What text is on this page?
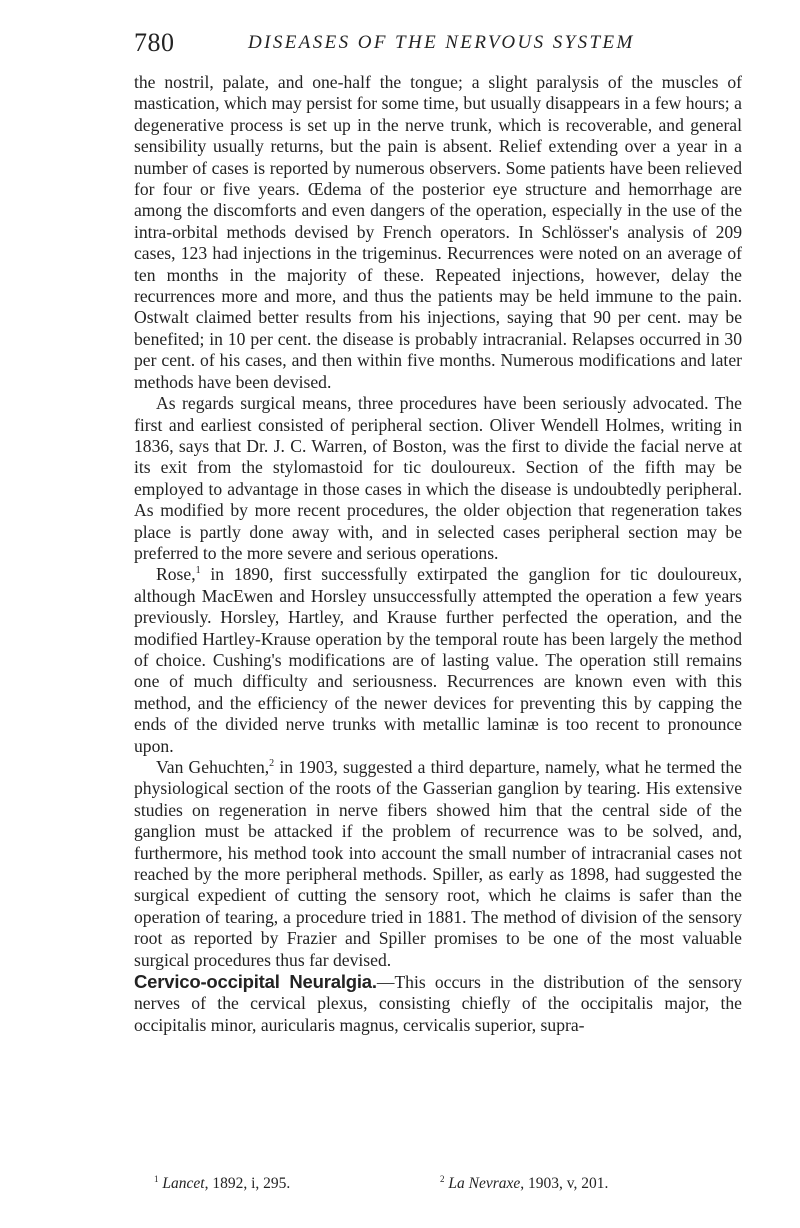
780	DISEASES OF THE NERVOUS SYSTEM

the nostril, palate, and one-half the tongue; a slight paralysis of the muscles of mastication, which may persist for some time, but usually disappears in a few hours; a degenerative process is set up in the nerve trunk, which is recoverable, and general sensibility usually returns, but the pain is absent. Relief extending over a year in a number of cases is reported by numerous observers. Some patients have been relieved for four or five years. Œdema of the posterior eye structure and hemorrhage are among the discomforts and even dangers of the operation, especially in the use of the intra-orbital methods devised by French operators. In Schlösser's analysis of 209 cases, 123 had injections in the trigeminus. Recurrences were noted on an average of ten months in the majority of these. Repeated injections, however, delay the recurrences more and more, and thus the patients may be held immune to the pain. Ostwalt claimed better results from his injections, saying that 90 per cent. may be benefited; in 10 per cent. the disease is probably intracranial. Relapses occurred in 30 per cent. of his cases, and then within five months. Numerous modifications and later methods have been devised.

As regards surgical means, three procedures have been seriously advocated. The first and earliest consisted of peripheral section. Oliver Wendell Holmes, writing in 1836, says that Dr. J. C. Warren, of Boston, was the first to divide the facial nerve at its exit from the stylomastoid for tic douloureux. Section of the fifth may be employed to advantage in those cases in which the disease is undoubtedly peripheral. As modified by more recent procedures, the older objection that regeneration takes place is partly done away with, and in selected cases peripheral section may be preferred to the more severe and serious operations.

Rose,$^1$ in 1890, first successfully extirpated the ganglion for tic douloureux, although MacEwen and Horsley unsuccessfully attempted the operation a few years previously. Horsley, Hartley, and Krause further perfected the operation, and the modified Hartley-Krause operation by the temporal route has been largely the method of choice. Cushing's modifications are of lasting value. The operation still remains one of much difficulty and seriousness. Recurrences are known even with this method, and the efficiency of the newer devices for preventing this by capping the ends of the divided nerve trunks with metallic laminæ is too recent to pronounce upon.

Van Gehuchten,$^2$ in 1903, suggested a third departure, namely, what he termed the physiological section of the roots of the Gasserian ganglion by tearing. His extensive studies on regeneration in nerve fibers showed him that the central side of the ganglion must be attacked if the problem of recurrence was to be solved, and, furthermore, his method took into account the small number of intracranial cases not reached by the more peripheral methods. Spiller, as early as 1898, had suggested the surgical expedient of cutting the sensory root, which he claims is safer than the operation of tearing, a procedure tried in 1881. The method of division of the sensory root as reported by Frazier and Spiller promises to be one of the most valuable surgical procedures thus far devised.

Cervico-occipital Neuralgia.—This occurs in the distribution of the sensory nerves of the cervical plexus, consisting chiefly of the occipitalis major, the occipitalis minor, auricularis magnus, cervicalis superior, supra-

$^1$ Lancet, 1892, i, 295.	$^2$ La Nevraxe, 1903, v, 201.
